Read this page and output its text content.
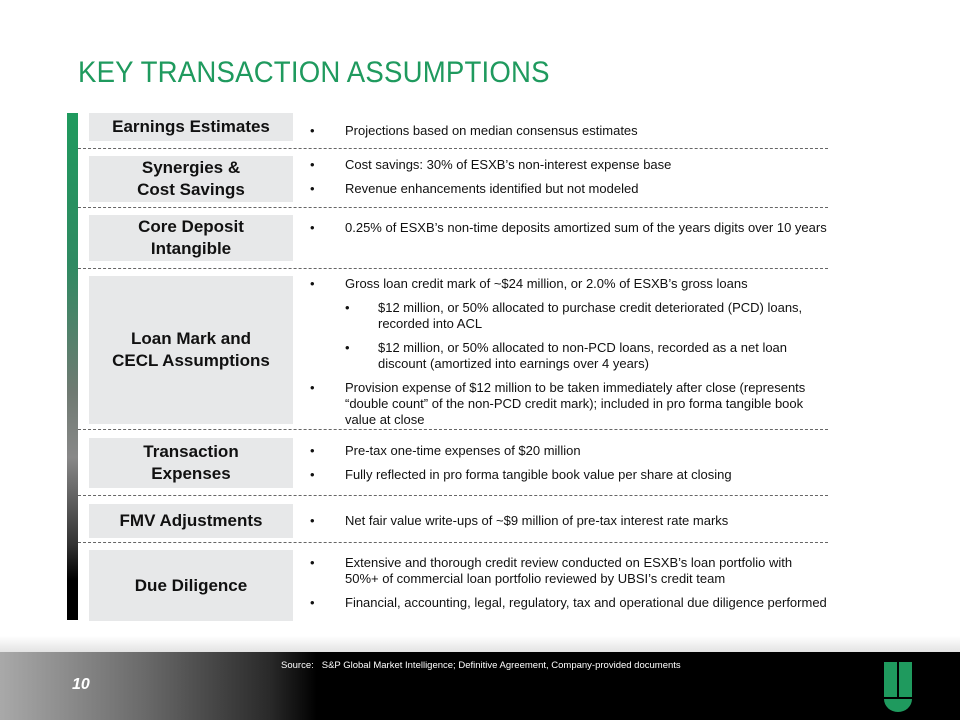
KEY TRANSACTION ASSUMPTIONS
Earnings Estimates	• Projections based on median consensus estimates
Synergies &
Cost Savings
• Cost savings: 30% of ESXB’s non-interest expense base
• Revenue enhancements identified but not modeled
Core Deposit
Intangible
• 0.25% of ESXB’s non-time deposits amortized sum of the years digits over 10 years
Loan Mark and
CECL Assumptions
• Gross loan credit mark of ~$24 million, or 2.0% of ESXB’s gross loans
• $12 million, or 50% allocated to purchase credit deteriorated (PCD) loans, recorded into ACL
• $12 million, or 50% allocated to non-PCD loans, recorded as a net loan discount (amortized into earnings over 4 years)
• Provision expense of $12 million to be taken immediately after close (represents “double count” of the non-PCD credit mark); included in pro forma tangible book value at close
Transaction
Expenses
• Pre-tax one-time expenses of $20 million
• Fully reflected in pro forma tangible book value per share at closing
FMV Adjustments	• Net fair value write-ups of ~$9 million of pre-tax interest rate marks
Due Diligence
• Extensive and thorough credit review conducted on ESXB’s loan portfolio with 50%+ of commercial loan portfolio reviewed by UBSI’s credit team
• Financial, accounting, legal, regulatory, tax and operational due diligence performed
10
Source: S&P Global Market Intelligence; Definitive Agreement, Company-provided documents
